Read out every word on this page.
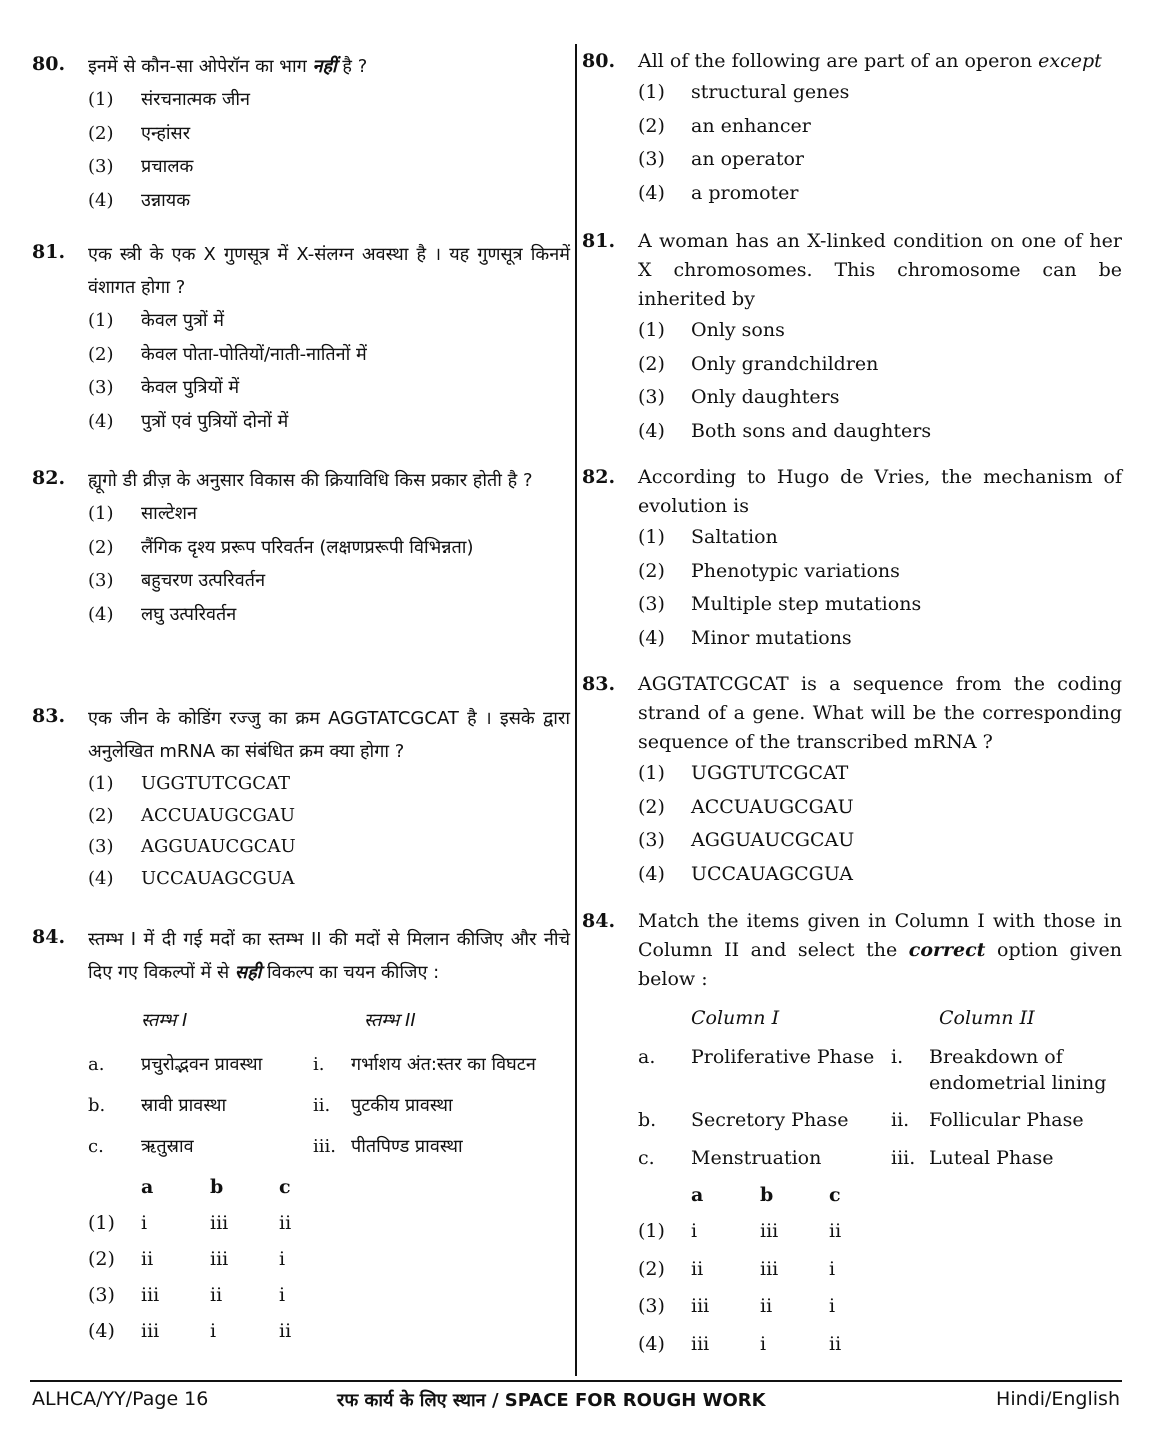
80.	इनमें से कौन-सा ओपेरॉन का भाग नहीं है ?
(1)	संरचनात्मक जीन
(2)	एन्हांसर
(3)	प्रचालक
(4)	उन्नायक
81.	एक स्त्री के एक X गुणसूत्र में X-संलग्न अवस्था है । यह गुणसूत्र किनमें वंशागत होगा ?
(1)	केवल पुत्रों में
(2)	केवल पोता-पोतियों/नाती-नातिनों में
(3)	केवल पुत्रियों में
(4)	पुत्रों एवं पुत्रियों दोनों में
82.	ह्यूगो डी व्रीज़ के अनुसार विकास की क्रियाविधि किस प्रकार होती है ?
(1)	साल्टेशन
(2)	लैंगिक दृश्य प्ररूप परिवर्तन (लक्षणप्ररूपी विभिन्नता)
(3)	बहुचरण उत्परिवर्तन
(4)	लघु उत्परिवर्तन
83.	एक जीन के कोडिंग रज्जु का क्रम AGGTATCGCAT है । इसके द्वारा अनुलेखित mRNA का संबंधित क्रम क्या होगा ?
(1)	UGGTUTCGCAT
(2)	ACCUAUGCGAU
(3)	AGGUAUCGCAU
(4)	UCCAUAGCGUA
84.	स्तम्भ I में दी गई मदों का स्तम्भ II की मदों से मिलान कीजिए और नीचे दिए गए विकल्पों में से सही विकल्प का चयन कीजिए :
स्तम्भ I	स्तम्भ II
a.	प्रचुरोद्भवन प्रावस्था	i.	गर्भाशय अंत:स्तर का विघटन
b.	स्रावी प्रावस्था	ii.	पुटकीय प्रावस्था
c.	ऋतुस्राव	iii. पीतपिण्ड प्रावस्था
a	b	c
(1)	i	iii	ii
(2)	ii	iii	i
(3)	iii	ii	i
(4)	iii	i	ii
80.	All of the following are part of an operon except
(1)	structural genes
(2)	an enhancer
(3)	an operator
(4)	a promoter
81.	A woman has an X-linked condition on one of her X chromosomes. This chromosome can be inherited by
(1)	Only sons
(2)	Only grandchildren
(3)	Only daughters
(4)	Both sons and daughters
82.	According to Hugo de Vries, the mechanism of evolution is
(1)	Saltation
(2)	Phenotypic variations
(3)	Multiple step mutations
(4)	Minor mutations
83.	AGGTATCGCAT is a sequence from the coding strand of a gene. What will be the corresponding sequence of the transcribed mRNA ?
(1)	UGGTUTCGCAT
(2)	ACCUAUGCGAU
(3)	AGGUAUCGCAU
(4)	UCCAUAGCGUA
84.	Match the items given in Column I with those in Column II and select the correct option given below :
Column I	Column II
a.	Proliferative Phase i.	Breakdown of endometrial lining
b.	Secretory Phase	ii.	Follicular Phase
c.	Menstruation	iii. Luteal Phase
a	b	c
(1)	i	iii	ii
(2)	ii	iii	i
(3)	iii	ii	i
(4)	iii	i	ii
ALHCA/YY/Page 16	रफ कार्य के लिए स्थान / SPACE FOR ROUGH WORK	Hindi/English
